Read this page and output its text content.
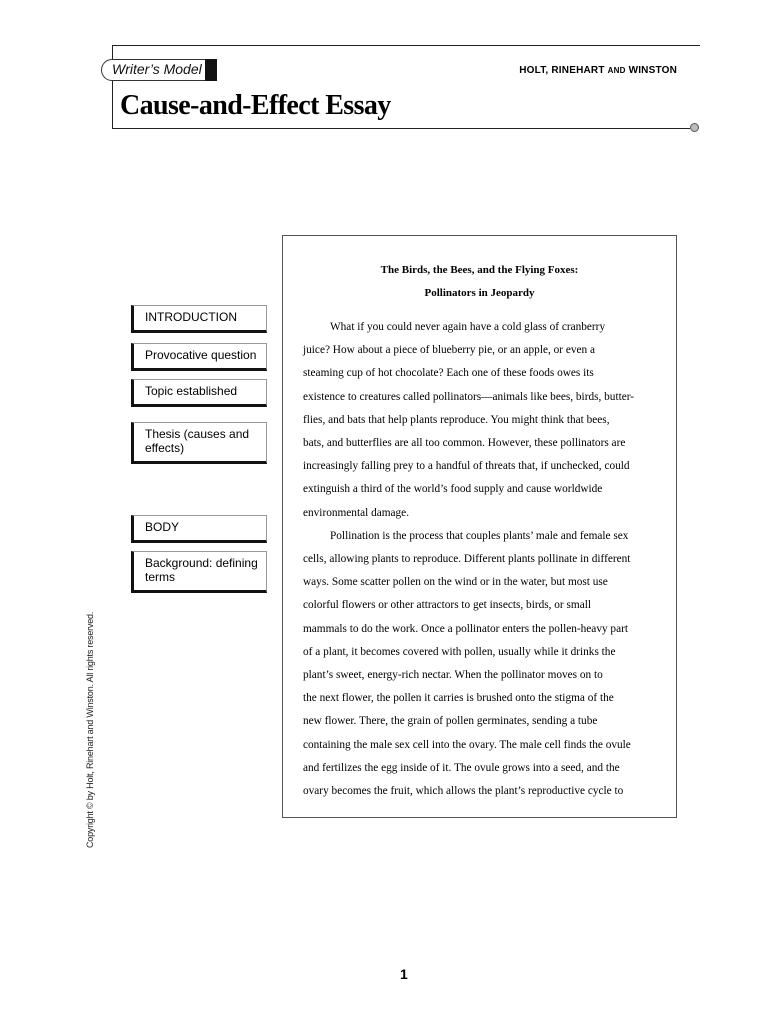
Writer’s Model	HOLT, RINEHART AND WINSTON
Cause-and-Effect Essay
INTRODUCTION
Provocative question
Topic established
Thesis (causes and effects)
BODY
Background: defining terms
The Birds, the Bees, and the Flying Foxes:
Pollinators in Jeopardy
What if you could never again have a cold glass of cranberry
juice? How about a piece of blueberry pie, or an apple, or even a
steaming cup of hot chocolate? Each one of these foods owes its
existence to creatures called pollinators—animals like bees, birds, butter-
flies, and bats that help plants reproduce. You might think that bees,
bats, and butterflies are all too common. However, these pollinators are
increasingly falling prey to a handful of threats that, if unchecked, could
extinguish a third of the world’s food supply and cause worldwide
environmental damage.
Pollination is the process that couples plants’ male and female sex
cells, allowing plants to reproduce. Different plants pollinate in different
ways. Some scatter pollen on the wind or in the water, but most use
colorful flowers or other attractors to get insects, birds, or small
mammals to do the work. Once a pollinator enters the pollen-heavy part
of a plant, it becomes covered with pollen, usually while it drinks the
plant’s sweet, energy-rich nectar. When the pollinator moves on to
the next flower, the pollen it carries is brushed onto the stigma of the
new flower. There, the grain of pollen germinates, sending a tube
containing the male sex cell into the ovary. The male cell finds the ovule
and fertilizes the egg inside of it. The ovule grows into a seed, and the
ovary becomes the fruit, which allows the plant’s reproductive cycle to
Copyright © by Holt, Rinehart and Winston. All rights reserved.
1
